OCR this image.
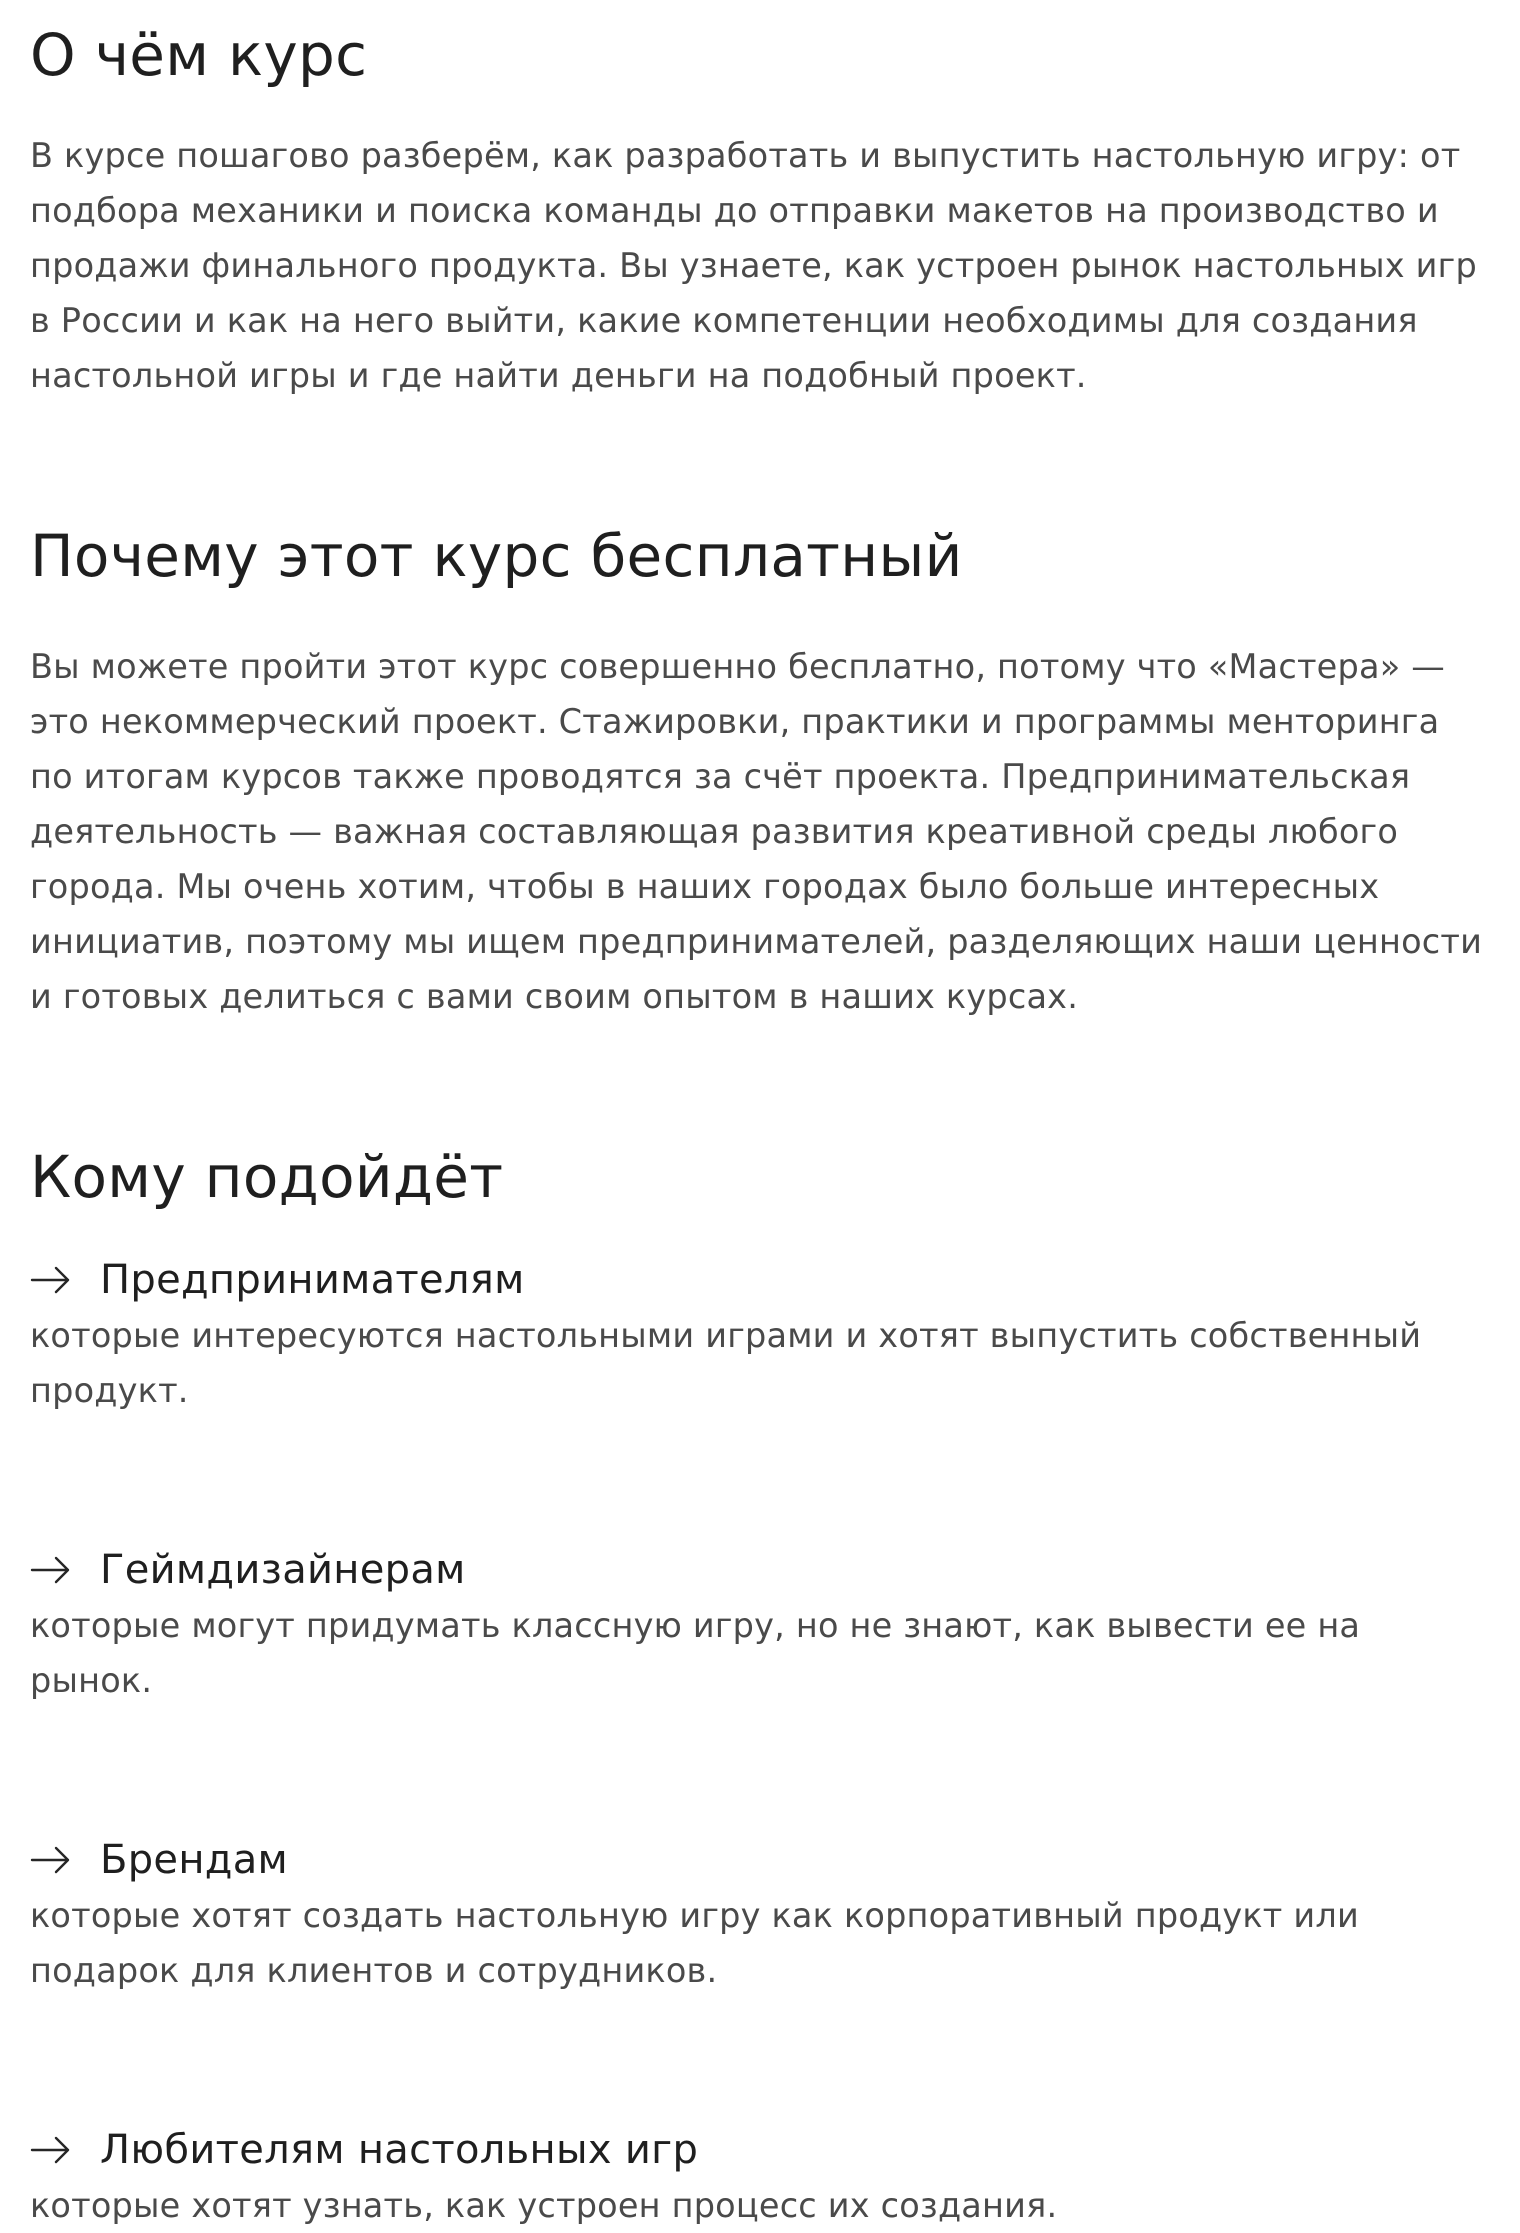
О чём курс

В курсе пошагово разберём, как разработать и выпустить настольную игру: от подбора механики и поиска команды до отправки макетов на производство и продажи финального продукта. Вы узнаете, как устроен рынок настольных игр в России и как на него выйти, какие компетенции необходимы для создания настольной игры и где найти деньги на подобный проект.

Почему этот курс бесплатный

Вы можете пройти этот курс совершенно бесплатно, потому что «Мастера» — это некоммерческий проект. Стажировки, практики и программы менторинга по итогам курсов также проводятся за счёт проекта. Предпринимательская деятельность — важная составляющая развития креативной среды любого города. Мы очень хотим, чтобы в наших городах было больше интересных инициатив, поэтому мы ищем предпринимателей, разделяющих наши ценности и готовых делиться с вами своим опытом в наших курсах.

Кому подойдёт
Предпринимателям

которые интересуются настольными играми и хотят выпустить собственный продукт.

Геймдизайнерам

которые могут придумать классную игру, но не знают, как вывести ее на рынок.

Брендам

которые хотят создать настольную игру как корпоративный продукт или подарок для клиентов и сотрудников.

Любителям настольных игр

которые хотят узнать, как устроен процесс их создания.
